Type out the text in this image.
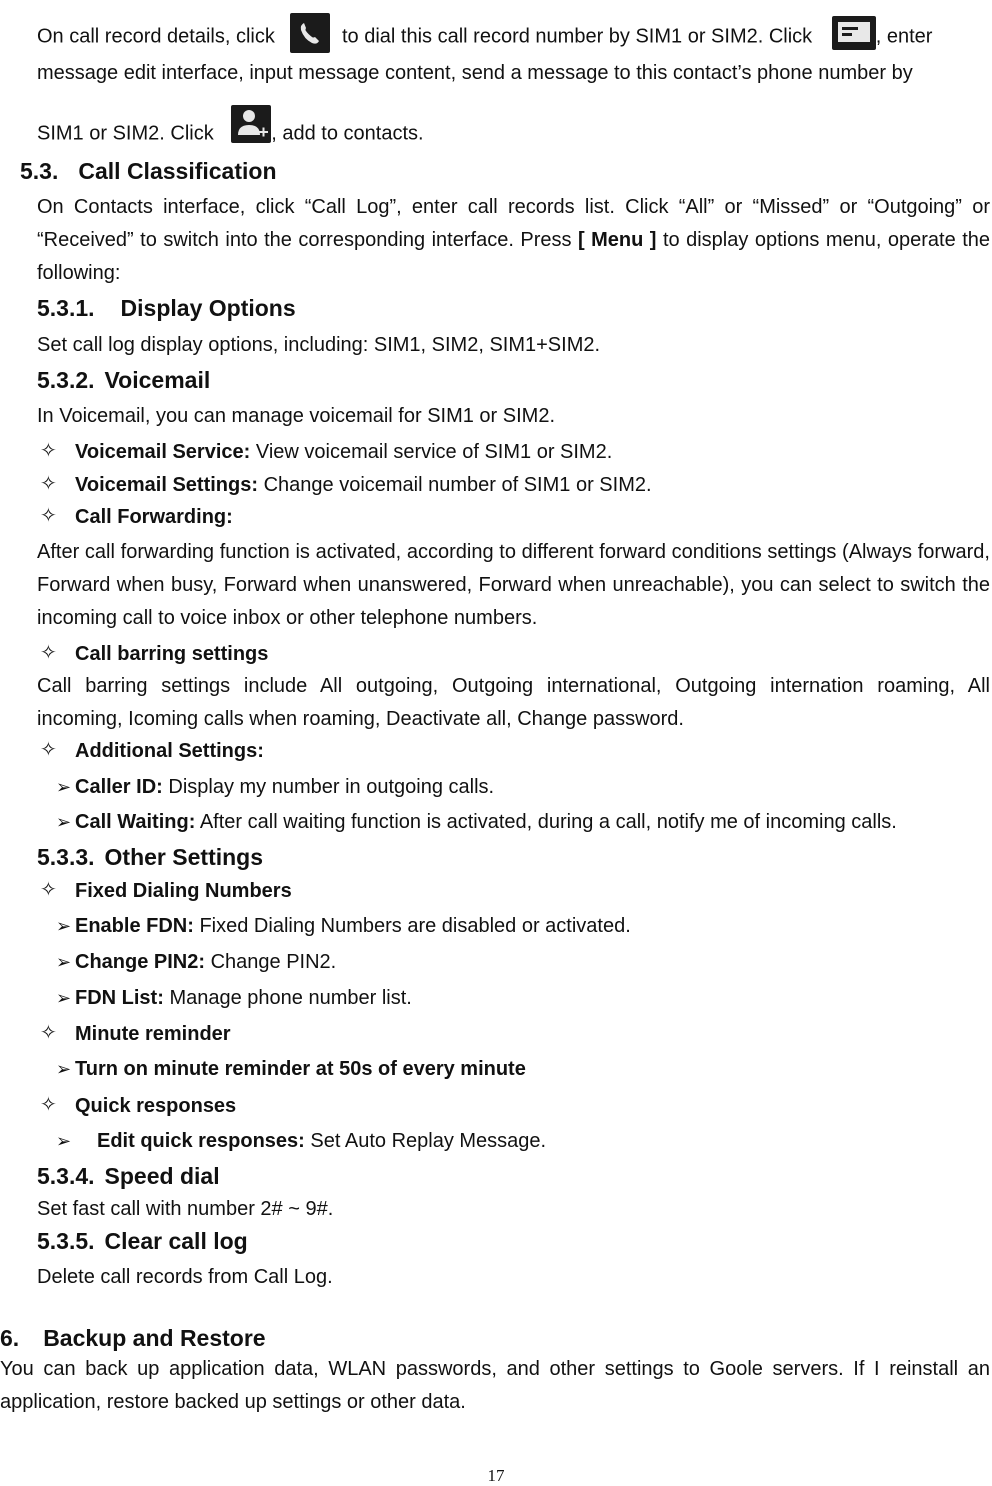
On call record details, click	to dial this call record number by SIM1 or SIM2. Click	, enter
message edit interface, input message content, send a message to this contact’s phone number by
SIM1 or SIM2. Click	, add to contacts.
5.3. Call Classification
On Contacts interface, click “Call Log”, enter call records list. Click “All” or “Missed” or “Outgoing” or “Received” to switch into the corresponding interface. Press [ Menu ] to display options menu, operate the following:
5.3.1. Display Options
Set call log display options, including: SIM1, SIM2, SIM1+SIM2.
5.3.2. Voicemail
In Voicemail, you can manage voicemail for SIM1 or SIM2.
✧ Voicemail Service: View voicemail service of SIM1 or SIM2.
✧ Voicemail Settings: Change voicemail number of SIM1 or SIM2.
✧ Call Forwarding:
After call forwarding function is activated, according to different forward conditions settings (Always forward, Forward when busy, Forward when unanswered, Forward when unreachable), you can select to switch the incoming call to voice inbox or other telephone numbers.
✧ Call barring settings
Call barring settings include All outgoing, Outgoing international, Outgoing internation roaming, All incoming, Icoming calls when roaming, Deactivate all, Change password.
✧ Additional Settings:
➢ Caller ID: Display my number in outgoing calls.
➢ Call Waiting: After call waiting function is activated, during a call, notify me of incoming calls.
5.3.3. Other Settings
✧ Fixed Dialing Numbers
➢ Enable FDN: Fixed Dialing Numbers are disabled or activated.
➢ Change PIN2: Change PIN2.
➢ FDN List: Manage phone number list.
✧ Minute reminder
➢ Turn on minute reminder at 50s of every minute
✧ Quick responses
➢ Edit quick responses: Set Auto Replay Message.
5.3.4. Speed dial
Set fast call with number 2# ~ 9#.
5.3.5. Clear call log
Delete call records from Call Log.
6. Backup and Restore
You can back up application data, WLAN passwords, and other settings to Goole servers. If I reinstall an application, restore backed up settings or other data.
17
